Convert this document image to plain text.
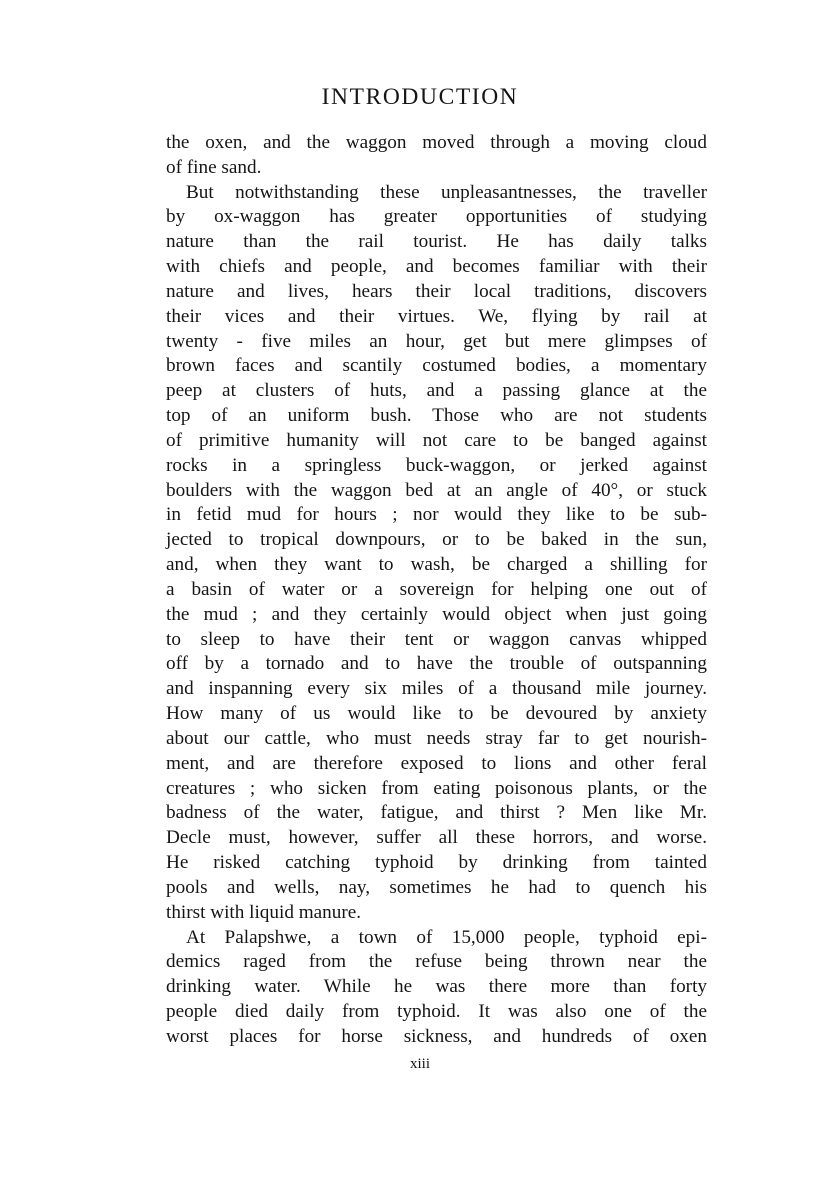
INTRODUCTION
the oxen, and the waggon moved through a moving cloud
of fine sand.
But notwithstanding these unpleasantnesses, the traveller
by ox-waggon has greater opportunities of studying
nature than the rail tourist. He has daily talks
with chiefs and people, and becomes familiar with their
nature and lives, hears their local traditions, discovers
their vices and their virtues. We, flying by rail at
twenty - five miles an hour, get but mere glimpses of
brown faces and scantily costumed bodies, a momentary
peep at clusters of huts, and a passing glance at the
top of an uniform bush. Those who are not students
of primitive humanity will not care to be banged against
rocks in a springless buck-waggon, or jerked against
boulders with the waggon bed at an angle of 40°, or stuck
in fetid mud for hours ; nor would they like to be sub-
jected to tropical downpours, or to be baked in the sun,
and, when they want to wash, be charged a shilling for
a basin of water or a sovereign for helping one out of
the mud ; and they certainly would object when just going
to sleep to have their tent or waggon canvas whipped
off by a tornado and to have the trouble of outspanning
and inspanning every six miles of a thousand mile journey.
How many of us would like to be devoured by anxiety
about our cattle, who must needs stray far to get nourish-
ment, and are therefore exposed to lions and other feral
creatures ; who sicken from eating poisonous plants, or the
badness of the water, fatigue, and thirst ? Men like Mr.
Decle must, however, suffer all these horrors, and worse.
He risked catching typhoid by drinking from tainted
pools and wells, nay, sometimes he had to quench his
thirst with liquid manure.
At Palapshwe, a town of 15,000 people, typhoid epi-
demics raged from the refuse being thrown near the
drinking water. While he was there more than forty
people died daily from typhoid. It was also one of the
worst places for horse sickness, and hundreds of oxen
xiii
